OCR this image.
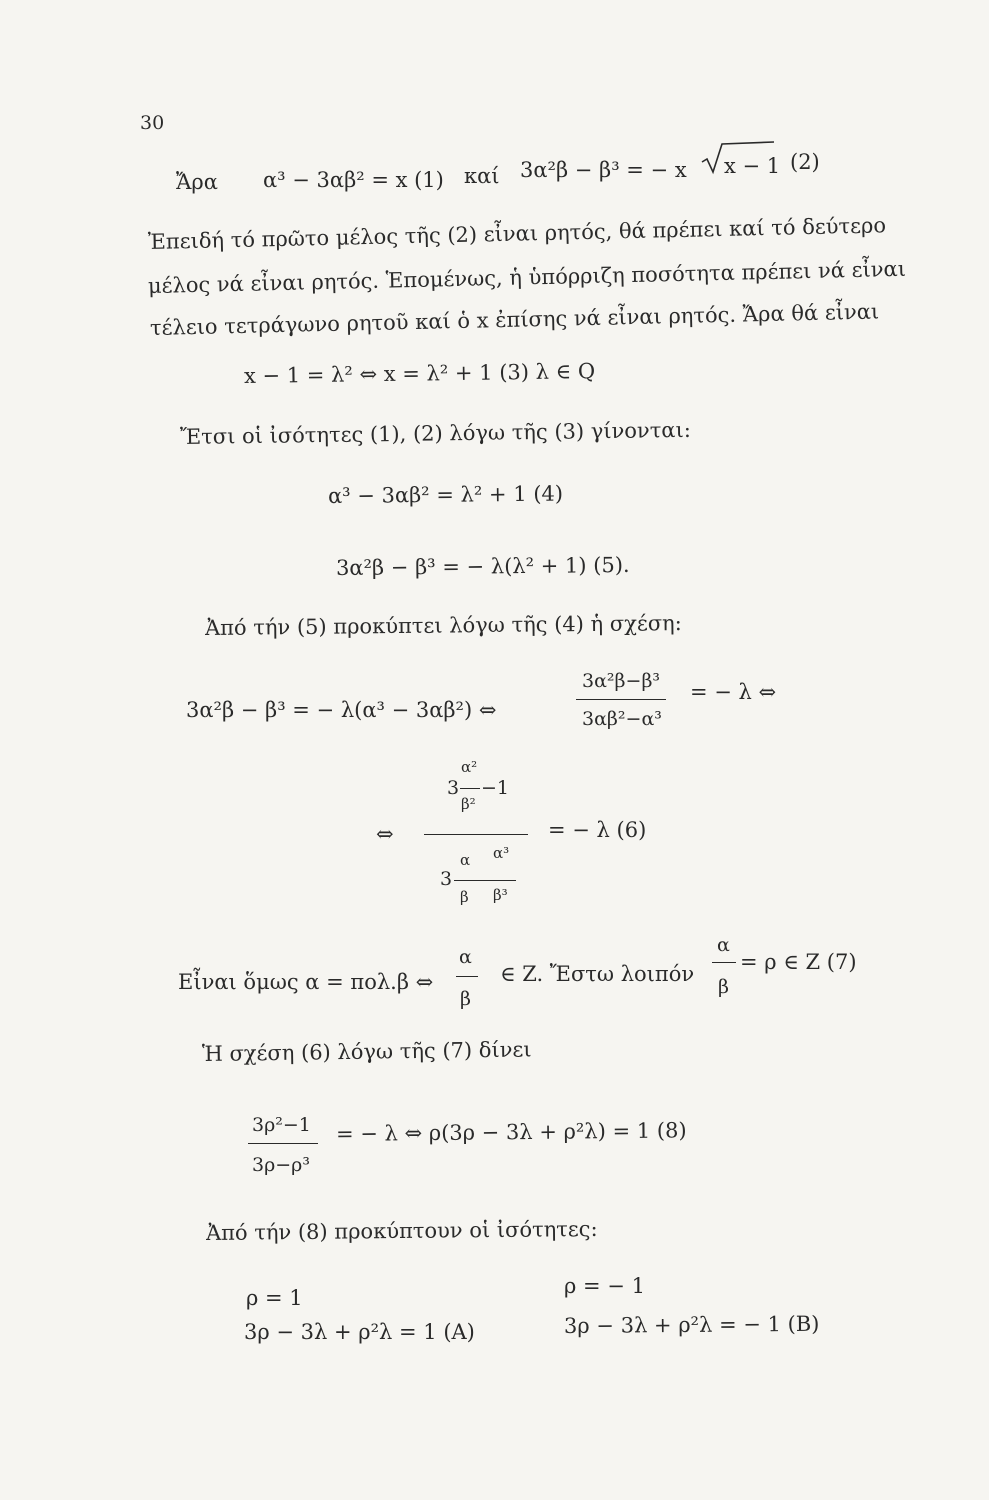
30
Ἄρα α³ − 3αβ² = x (1) καί 3α²β − β³ = − x x − 1 (2)
Ἐπειδή τό πρῶτο μέλος τῆς (2) εἶναι ρητός, θά πρέπει καί τό δεύτερο
μέλος νά εἶναι ρητός. Ἑπομένως, ἡ ὑπόρριζη ποσότητα πρέπει νά εἶναι
τέλειο τετράγωνο ρητοῦ καί ὁ x ἐπίσης νά εἶναι ρητός. Ἄρα θά εἶναι
x − 1 = λ² ⇔ x = λ² + 1 (3) λ ∈ Q
Ἔτσι οἱ ἰσότητες (1), (2) λόγω τῆς (3) γίνονται:
α³ − 3αβ² = λ² + 1 (4)
3α²β − β³ = − λ(λ² + 1) (5).
Ἀπό τήν (5) προκύπτει λόγω τῆς (4) ἡ σχέση:
3α²β − β³ = − λ(α³ − 3αβ²) ⇔
3α²β−β³
3αβ²−α³
= − λ ⇔
⇔
α²
3 −1
β²
α α³
3
β β³
= − λ (6)
Εἶναι ὅμως α = πολ.β ⇔
α
β
∈ Z. Ἔστω λοιπόν
α
β
= ρ ∈ Z (7)
Ἡ σχέση (6) λόγω τῆς (7) δίνει
3ρ²−1
3ρ−ρ³
= − λ ⇔ ρ(3ρ − 3λ + ρ²λ) = 1 (8)
Ἀπό τήν (8) προκύπτουν οἱ ἰσότητες:
ρ = 1
3ρ − 3λ + ρ²λ = 1 (A)
ρ = − 1
3ρ − 3λ + ρ²λ = − 1 (B)
